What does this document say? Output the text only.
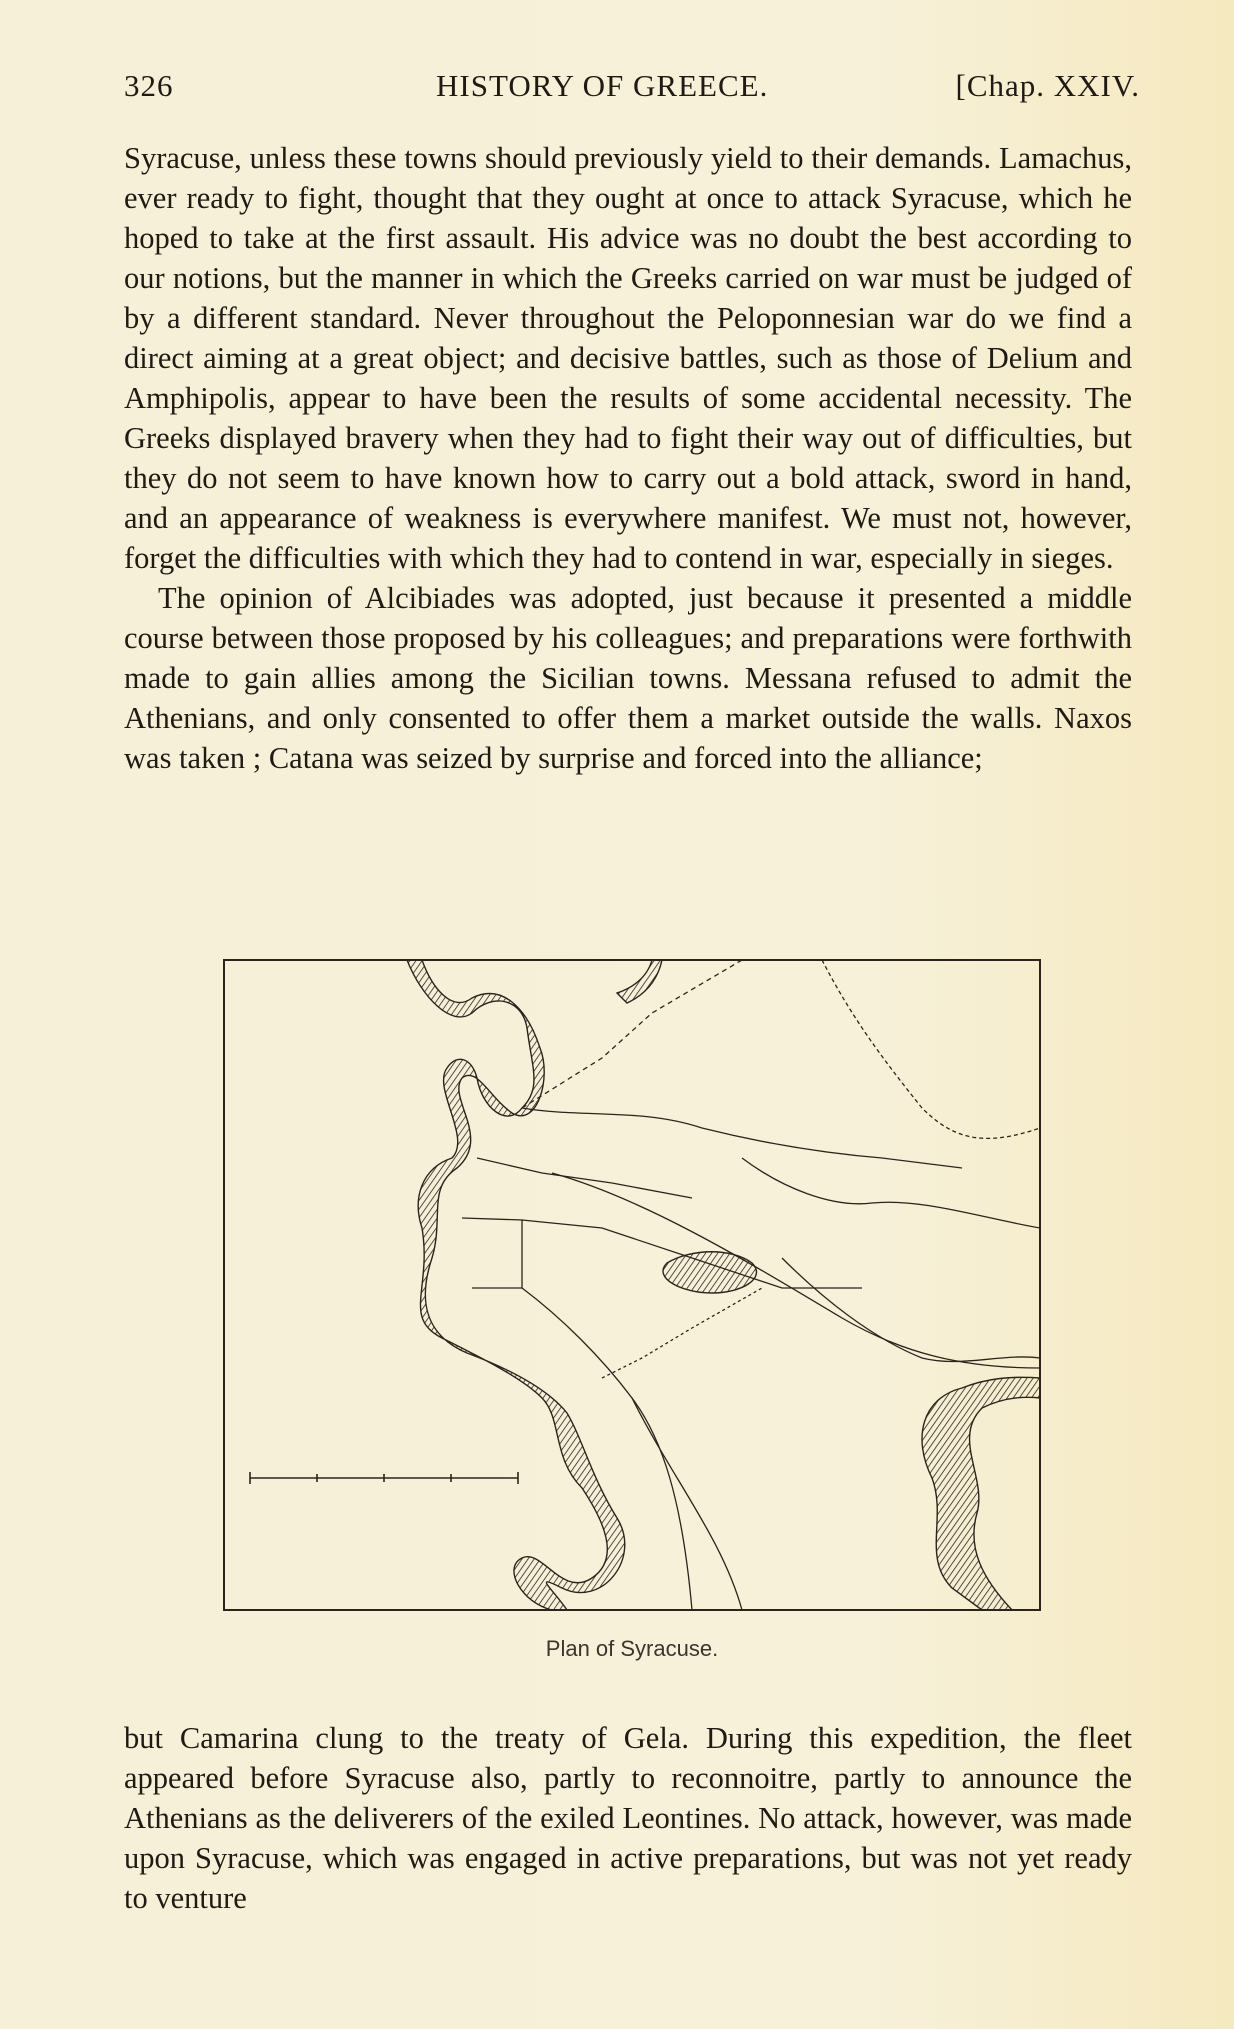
326	HISTORY OF GREECE.	[Chap. XXIV.

Syracuse, unless these towns should previously yield to their demands. Lamachus, ever ready to fight, thought that they ought at once to attack Syracuse, which he hoped to take at the first assault. His advice was no doubt the best according to our notions, but the manner in which the Greeks carried on war must be judged of by a different standard. Never throughout the Peloponnesian war do we find a direct aiming at a great object; and decisive battles, such as those of Delium and Amphipolis, appear to have been the results of some accidental necessity. The Greeks displayed bravery when they had to fight their way out of difficulties, but they do not seem to have known how to carry out a bold attack, sword in hand, and an appearance of weakness is everywhere manifest. We must not, however, forget the difficulties with which they had to contend in war, especially in sieges.

The opinion of Alcibiades was adopted, just because it presented a middle course between those proposed by his colleagues; and preparations were forthwith made to gain allies among the Sicilian towns. Messana refused to admit the Athenians, and only consented to offer them a market outside the walls. Naxos was taken ; Catana was seized by surprise and forced into the alliance;

Plan of Syracuse.

but Camarina clung to the treaty of Gela. During this expedition, the fleet appeared before Syracuse also, partly to reconnoitre, partly to announce the Athenians as the deliverers of the exiled Leontines. No attack, however, was made upon Syracuse, which was engaged in active preparations, but was not yet ready to venture
